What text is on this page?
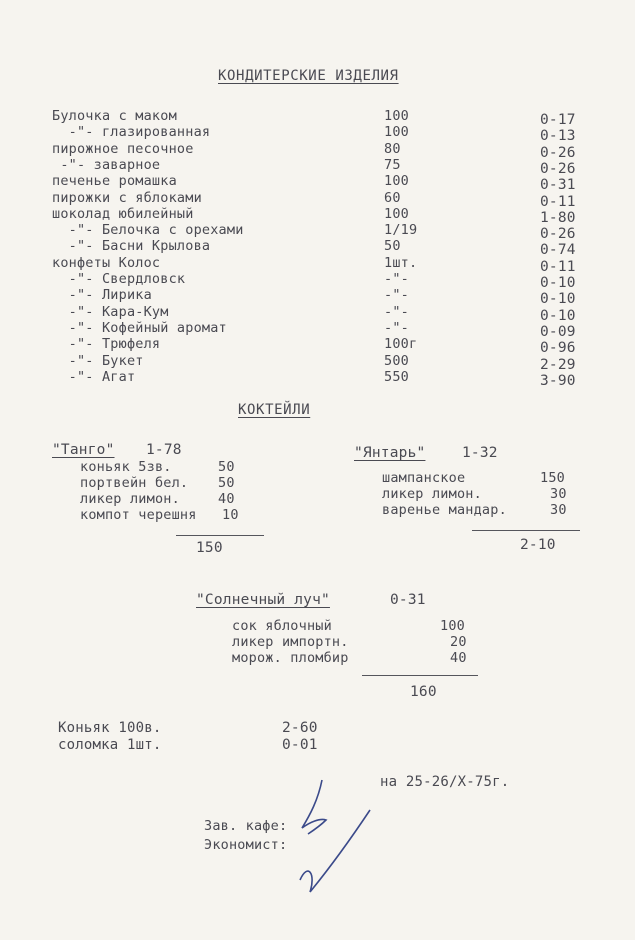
КОНДИТЕРСКИЕ ИЗДЕЛИЯ
Булочка с маком	100	0-17
-"- глазированная	100	0-13
пирожное песочное	80	0-26
-"- заварное	75	0-26
печенье ромашка	100	0-31
пирожки с яблоками	60	0-11
шоколад юбилейный	100	1-80
-"- Белочка с орехами	1/19	0-26
-"- Басни Крылова	50	0-74
конфеты Колос	1шт.	0-11
-"- Свердловск	-"-	0-10
-"- Лирика	-"-	0-10
-"- Кара-Кум	-"-	0-10
-"- Кофейный аромат	-"-	0-09
-"- Трюфеля	100г	0-96
-"- Букет	500	2-29
-"- Агат	550	3-90
КОКТЕЙЛИ
"Танго" 1-78
коньяк 5зв.	50
портвейн бел. 50
ликер лимон.	40
компот черешня 10
150
"Янтарь"	1-32
шампанское	150
ликер лимон.	30
варенье мандар.	30
2-10
"Солнечный луч"	0-31
сок яблочный	100
ликер импортн.	20
морож. пломбир	40
160
Коньяк 100в.	2-60
соломка 1шт.	0-01
на 25-26/X-75г.
Зав. кафе:
Экономист:
